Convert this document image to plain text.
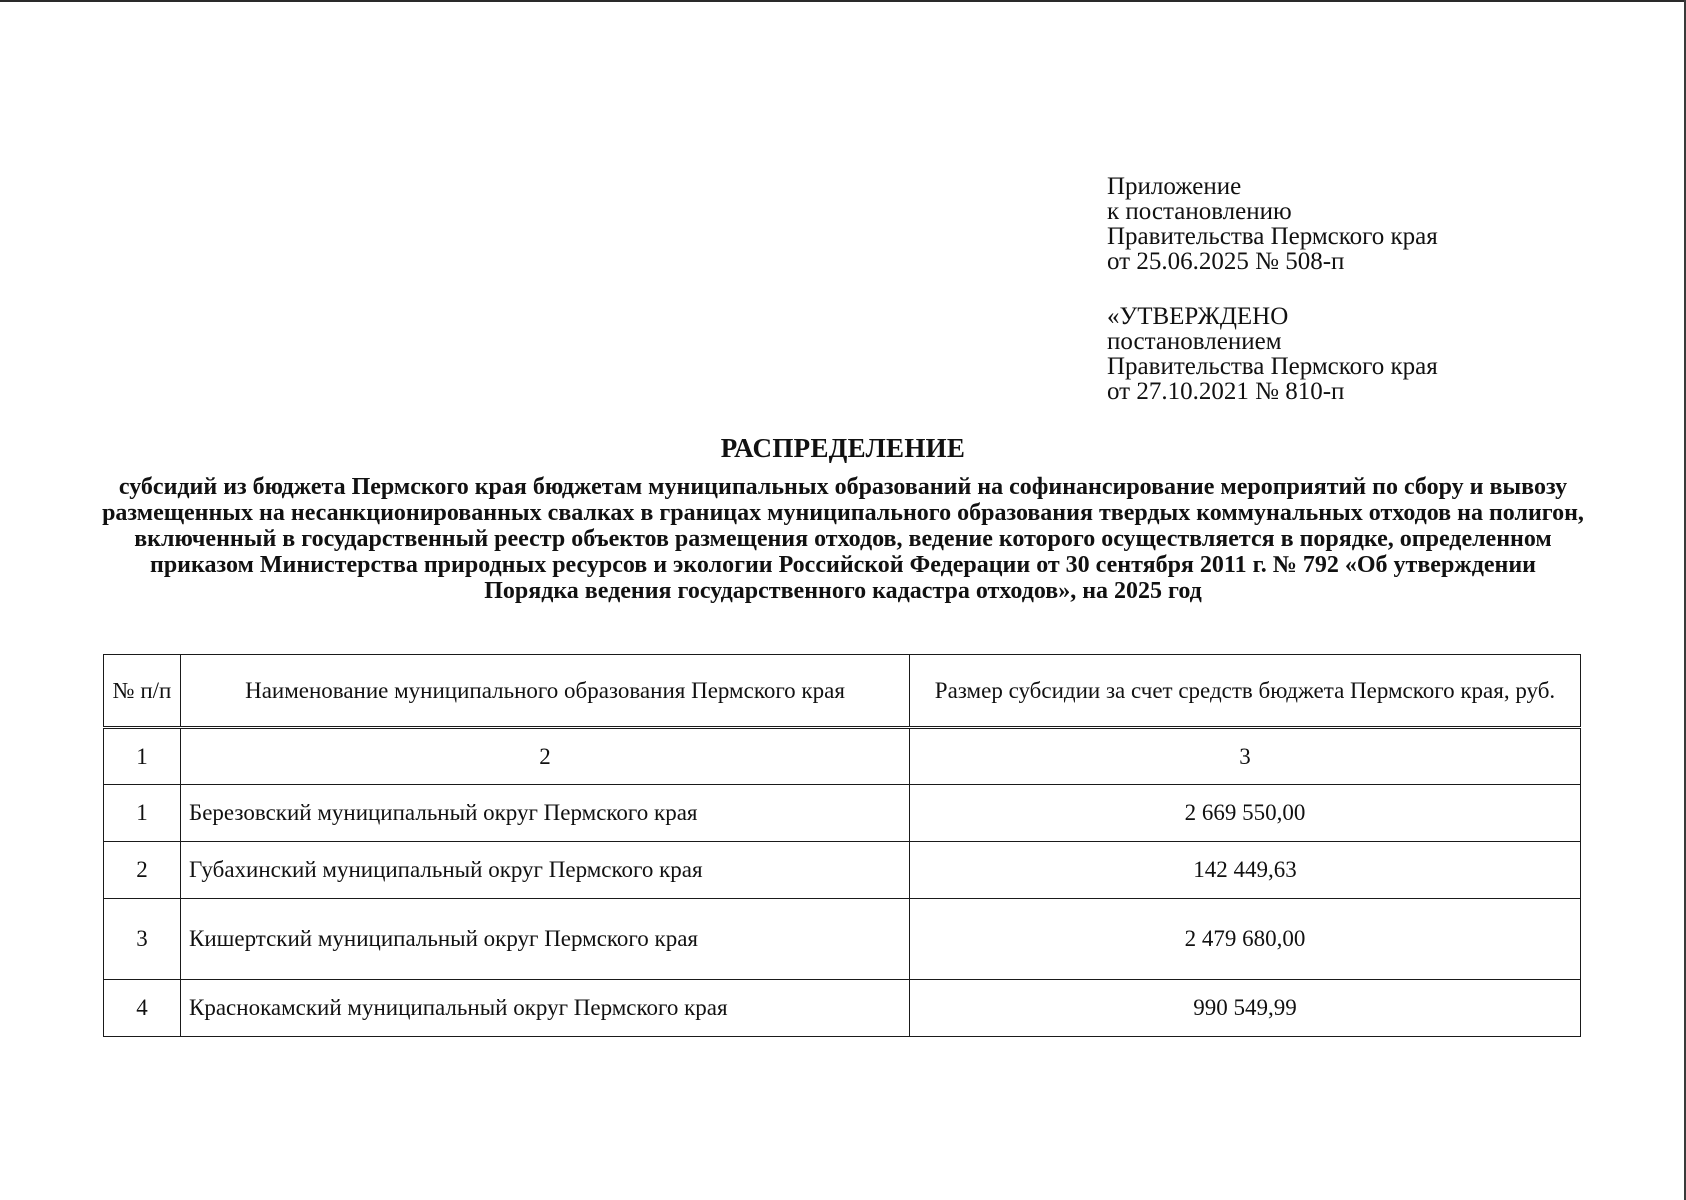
Приложение
к постановлению
Правительства Пермского края
от 25.06.2025 № 508-п
«УТВЕРЖДЕНО
постановлением
Правительства Пермского края
от 27.10.2021 № 810-п
РАСПРЕДЕЛЕНИЕ
субсидий из бюджета Пермского края бюджетам муниципальных образований на софинансирование мероприятий по сбору и вывозу размещенных на несанкционированных свалках в границах муниципального образования твердых коммунальных отходов на полигон, включенный в государственный реестр объектов размещения отходов, ведение которого осуществляется в порядке, определенном приказом Министерства природных ресурсов и экологии Российской Федерации от 30 сентября 2011 г. № 792 «Об утверждении Порядка ведения государственного кадастра отходов», на 2025 год
№ п/п	Наименование муниципального образования Пермского края	Размер субсидии за счет средств бюджета Пермского края, руб.
1	2	3
1	Березовский муниципальный округ Пермского края	2 669 550,00
2	Губахинский муниципальный округ Пермского края	142 449,63
3	Кишертский муниципальный округ Пермского края	2 479 680,00
4	Краснокамский муниципальный округ Пермского края	990 549,99
